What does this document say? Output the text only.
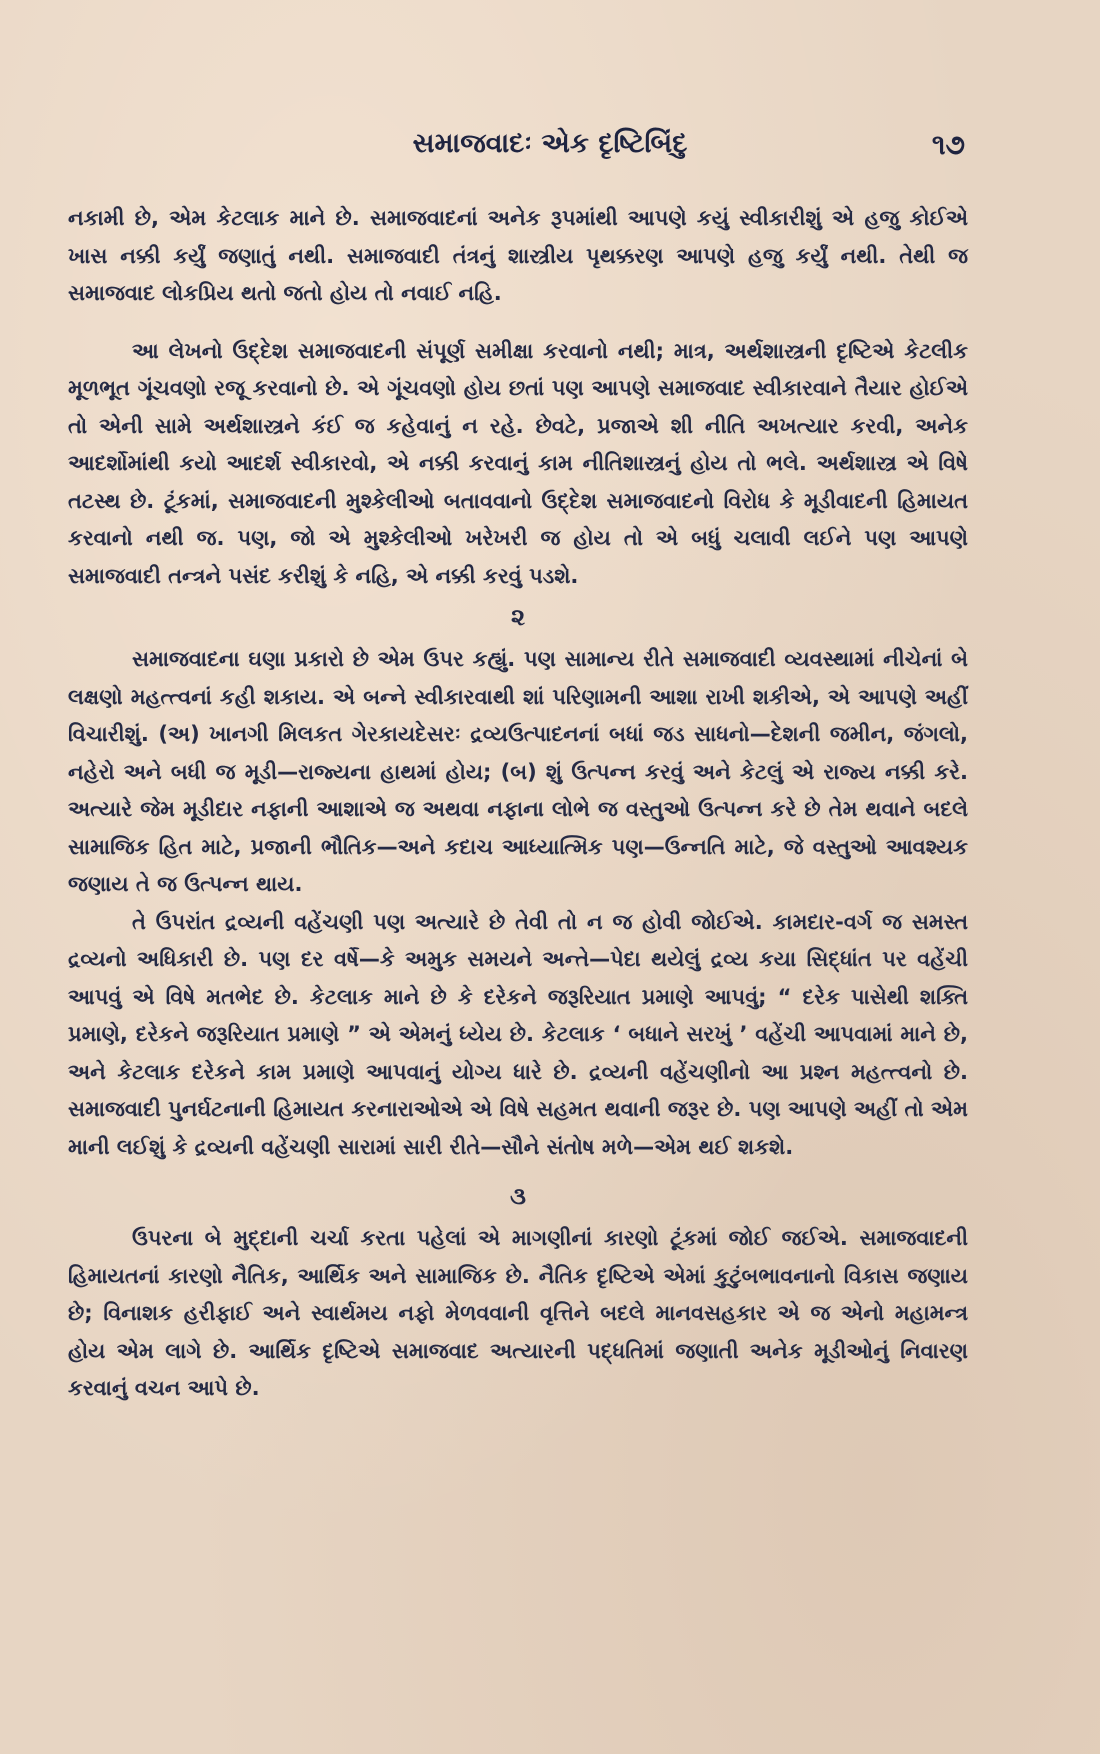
સમાજવાદઃ એક દૃષ્ટિબિંદુ	૧૭

નકામી છે, એમ કેટલાક માને છે. સમાજવાદનાં અનેક રૂપમાંથી આપણે કયું સ્વીકારીશું એ હજુ કોઈએ ખાસ નક્કી કર્યું જણાતું નથી. સમાજવાદી તંત્રનું શાસ્ત્રીય પૃથક્કરણ આપણે હજુ કર્યું નથી. તેથી જ સમાજવાદ લોકપ્રિય થતો જતો હોય તો નવાઈ નહિ.

આ લેખનો ઉદ્દેશ સમાજવાદની સંપૂર્ણ સમીક્ષા કરવાનો નથી; માત્ર, અર્થશાસ્ત્રની દૃષ્ટિએ કેટલીક મૂળભૂત ગૂંચવણો રજૂ કરવાનો છે. એ ગૂંચવણો હોય છતાં પણ આપણે સમાજવાદ સ્વીકારવાને તૈયાર હોઈએ તો એની સામે અર્થશાસ્ત્રને કંઈ જ કહેવાનું ન રહે. છેવટે, પ્રજાએ શી નીતિ અખત્યાર કરવી, અનેક આદર્શોમાંથી કયો આદર્શ સ્વીકારવો, એ નક્કી કરવાનું કામ નીતિશાસ્ત્રનું હોય તો ભલે. અર્થશાસ્ત્ર એ વિષે તટસ્થ છે. ટૂંકમાં, સમાજવાદની મુશ્કેલીઓ બતાવવાનો ઉદ્દેશ સમાજવાદનો વિરોધ કે મૂડીવાદની હિમાયત કરવાનો નથી જ. પણ, જો એ મુશ્કેલીઓ ખરેખરી જ હોય તો એ બધું ચલાવી લઈને પણ આપણે સમાજવાદી તન્ત્રને પસંદ કરીશું કે નહિ, એ નક્કી કરવું પડશે.

૨

સમાજવાદના ઘણા પ્રકારો છે એમ ઉપર કહ્યું. પણ સામાન્ય રીતે સમાજવાદી વ્યવસ્થામાં નીચેનાં બે લક્ષણો મહત્ત્વનાં કહી શકાય. એ બન્ને સ્વીકારવાથી શાં પરિણામની આશા રાખી શકીએ, એ આપણે અહીં વિચારીશું. (અ) ખાનગી મિલકત ગેરકાયદેસરઃ દ્રવ્યઉત્પાદનનાં બધાં જડ સાધનો—દેશની જમીન, જંગલો, નહેરો અને બધી જ મૂડી—રાજ્યના હાથમાં હોય; (બ) શું ઉત્પન્ન કરવું અને કેટલું એ રાજ્ય નક્કી કરે. અત્યારે જેમ મૂડીદાર નફાની આશાએ જ અથવા નફાના લોભે જ વસ્તુઓ ઉત્પન્ન કરે છે તેમ થવાને બદલે સામાજિક હિત માટે, પ્રજાની ભૌતિક—અને કદાચ આધ્યાત્મિક પણ—ઉન્નતિ માટે, જે વસ્તુઓ આવશ્યક જણાય તે જ ઉત્પન્ન થાય.

તે ઉપરાંત દ્રવ્યની વહેંચણી પણ અત્યારે છે તેવી તો ન જ હોવી જોઈએ. કામદાર-વર્ગ જ સમસ્ત દ્રવ્યનો અધિકારી છે. પણ દર વર્ષે—કે અમુક સમયને અન્તે—પેદા થયેલું દ્રવ્ય કયા સિદ્ધાંત પર વહેંચી આપવું એ વિષે મતભેદ છે. કેટલાક માને છે કે દરેકને જરૂરિયાત પ્રમાણે આપવું; “ દરેક પાસેથી શક્તિ પ્રમાણે, દરેકને જરૂરિયાત પ્રમાણે ” એ એમનું ધ્યેય છે. કેટલાક ‘ બધાને સરખું ’ વહેંચી આપવામાં માને છે, અને કેટલાક દરેકને કામ પ્રમાણે આપવાનું યોગ્ય ધારે છે. દ્રવ્યની વહેંચણીનો આ પ્રશ્ન મહત્ત્વનો છે. સમાજવાદી પુનર્ઘટનાની હિમાયત કરનારાઓએ એ વિષે સહમત થવાની જરૂર છે. પણ આપણે અહીં તો એમ માની લઈશું કે દ્રવ્યની વહેંચણી સારામાં સારી રીતે—સૌને સંતોષ મળે—એમ થઈ શકશે.

૩

ઉપરના બે મુદ્દાની ચર્ચા કરતા પહેલાં એ માગણીનાં કારણો ટૂંકમાં જોઈ જઈએ. સમાજવાદની હિમાયતનાં કારણો નૈતિક, આર્થિક અને સામાજિક છે. નૈતિક દૃષ્ટિએ એમાં કુટુંબભાવનાનો વિકાસ જણાય છે; વિનાશક હરીફાઈ અને સ્વાર્થમય નફો મેળવવાની વૃત્તિને બદલે માનવસહકાર એ જ એનો મહામન્ત્ર હોય એમ લાગે છે. આર્થિક દૃષ્ટિએ સમાજવાદ અત્યારની પદ્ધતિમાં જણાતી અનેક મૂડીઓનું નિવારણ કરવાનું વચન આપે છે.
